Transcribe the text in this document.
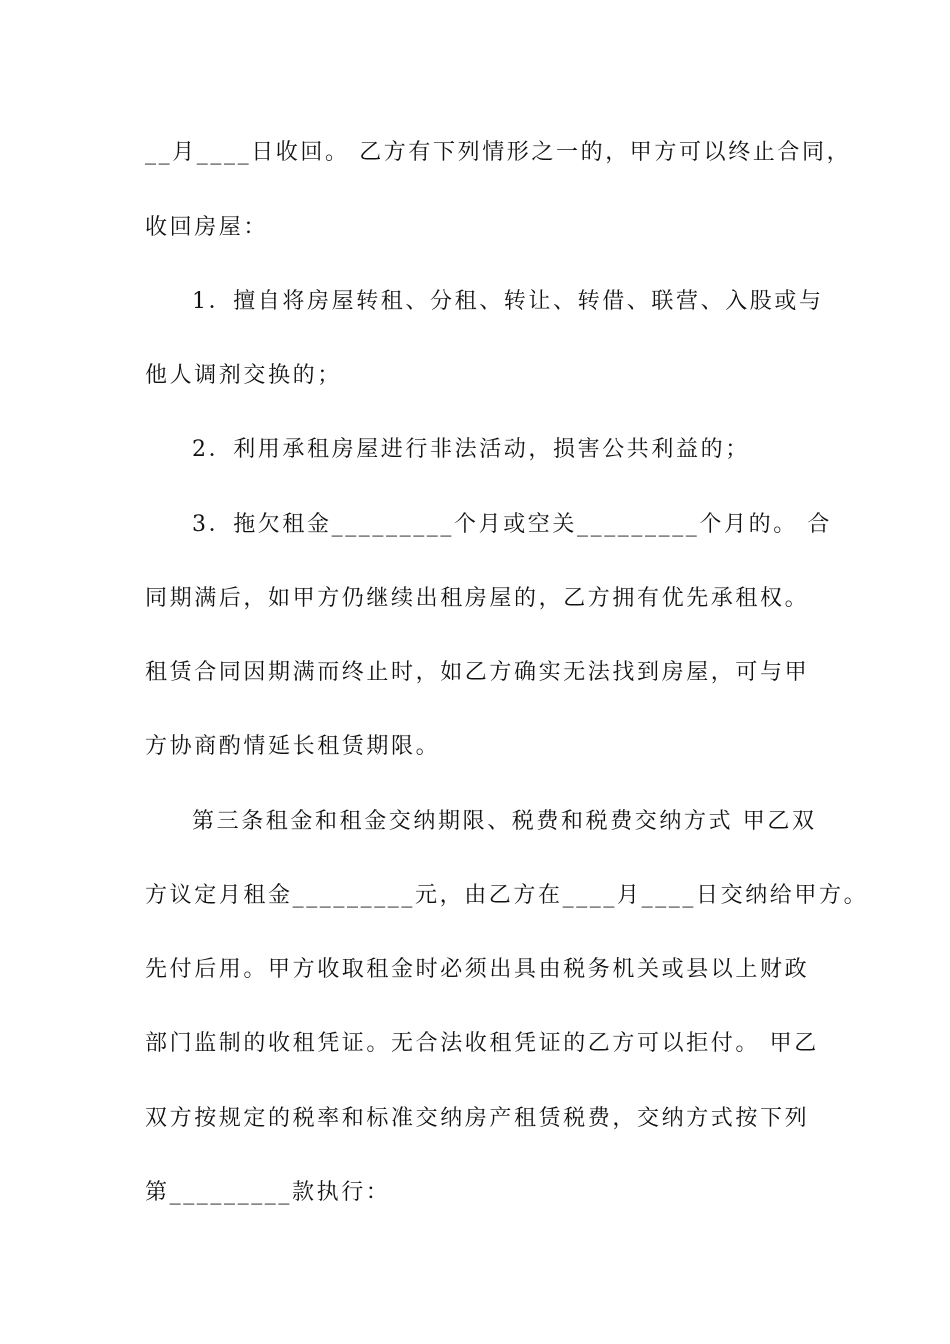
__月____日收回。 乙方有下列情形之一的，甲方可以终止合同，
收回房屋：
1．擅自将房屋转租、分租、转让、转借、联营、入股或与
他人调剂交换的；
2．利用承租房屋进行非法活动，损害公共利益的；
3．拖欠租金_________个月或空关_________个月的。 合
同期满后，如甲方仍继续出租房屋的，乙方拥有优先承租权。
租赁合同因期满而终止时，如乙方确实无法找到房屋，可与甲
方协商酌情延长租赁期限。
第三条租金和租金交纳期限、税费和税费交纳方式 甲乙双
方议定月租金_________元，由乙方在____月____日交纳给甲方。
先付后用。甲方收取租金时必须出具由税务机关或县以上财政
部门监制的收租凭证。无合法收租凭证的乙方可以拒付。 甲乙
双方按规定的税率和标准交纳房产租赁税费，交纳方式按下列
第_________款执行：
